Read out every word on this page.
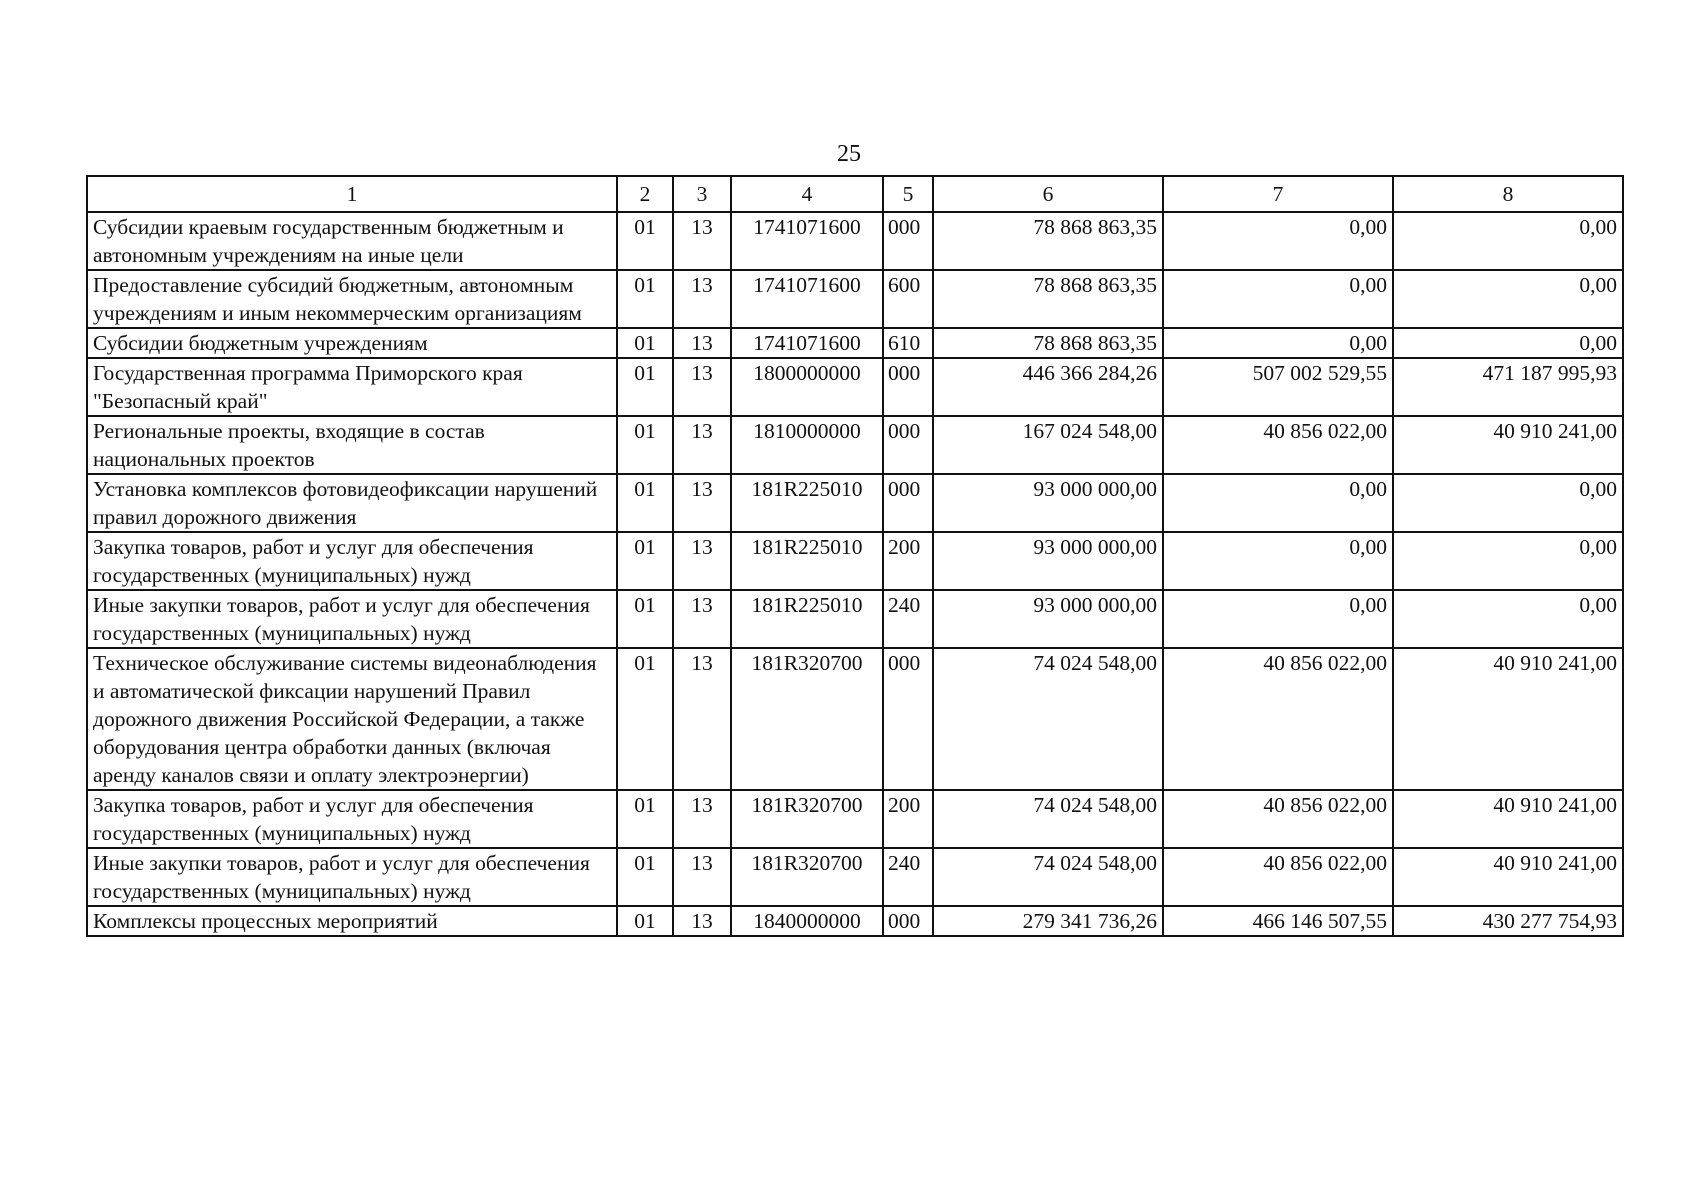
25
1	2	3	4	5	6	7	8
Субсидии краевым государственным бюджетным и автономным учреждениям на иные цели	01	13	1741071600	000	78 868 863,35	0,00	0,00
Предоставление субсидий бюджетным, автономным учреждениям и иным некоммерческим организациям	01	13	1741071600	600	78 868 863,35	0,00	0,00
Субсидии бюджетным учреждениям	01	13	1741071600	610	78 868 863,35	0,00	0,00
Государственная программа Приморского края "Безопасный край"	01	13	1800000000	000	446 366 284,26	507 002 529,55	471 187 995,93
Региональные проекты, входящие в состав национальных проектов	01	13	1810000000	000	167 024 548,00	40 856 022,00	40 910 241,00
Установка комплексов фотовидеофиксации нарушений правил дорожного движения	01	13	181R225010	000	93 000 000,00	0,00	0,00
Закупка товаров, работ и услуг для обеспечения государственных (муниципальных) нужд	01	13	181R225010	200	93 000 000,00	0,00	0,00
Иные закупки товаров, работ и услуг для обеспечения государственных (муниципальных) нужд	01	13	181R225010	240	93 000 000,00	0,00	0,00
Техническое обслуживание системы видеонаблюдения и автоматической фиксации нарушений Правил дорожного движения Российской Федерации, а также оборудования центра обработки данных (включая аренду каналов связи и оплату электроэнергии)	01	13	181R320700	000	74 024 548,00	40 856 022,00	40 910 241,00
Закупка товаров, работ и услуг для обеспечения государственных (муниципальных) нужд	01	13	181R320700	200	74 024 548,00	40 856 022,00	40 910 241,00
Иные закупки товаров, работ и услуг для обеспечения государственных (муниципальных) нужд	01	13	181R320700	240	74 024 548,00	40 856 022,00	40 910 241,00
Комплексы процессных мероприятий	01	13	1840000000	000	279 341 736,26	466 146 507,55	430 277 754,93
